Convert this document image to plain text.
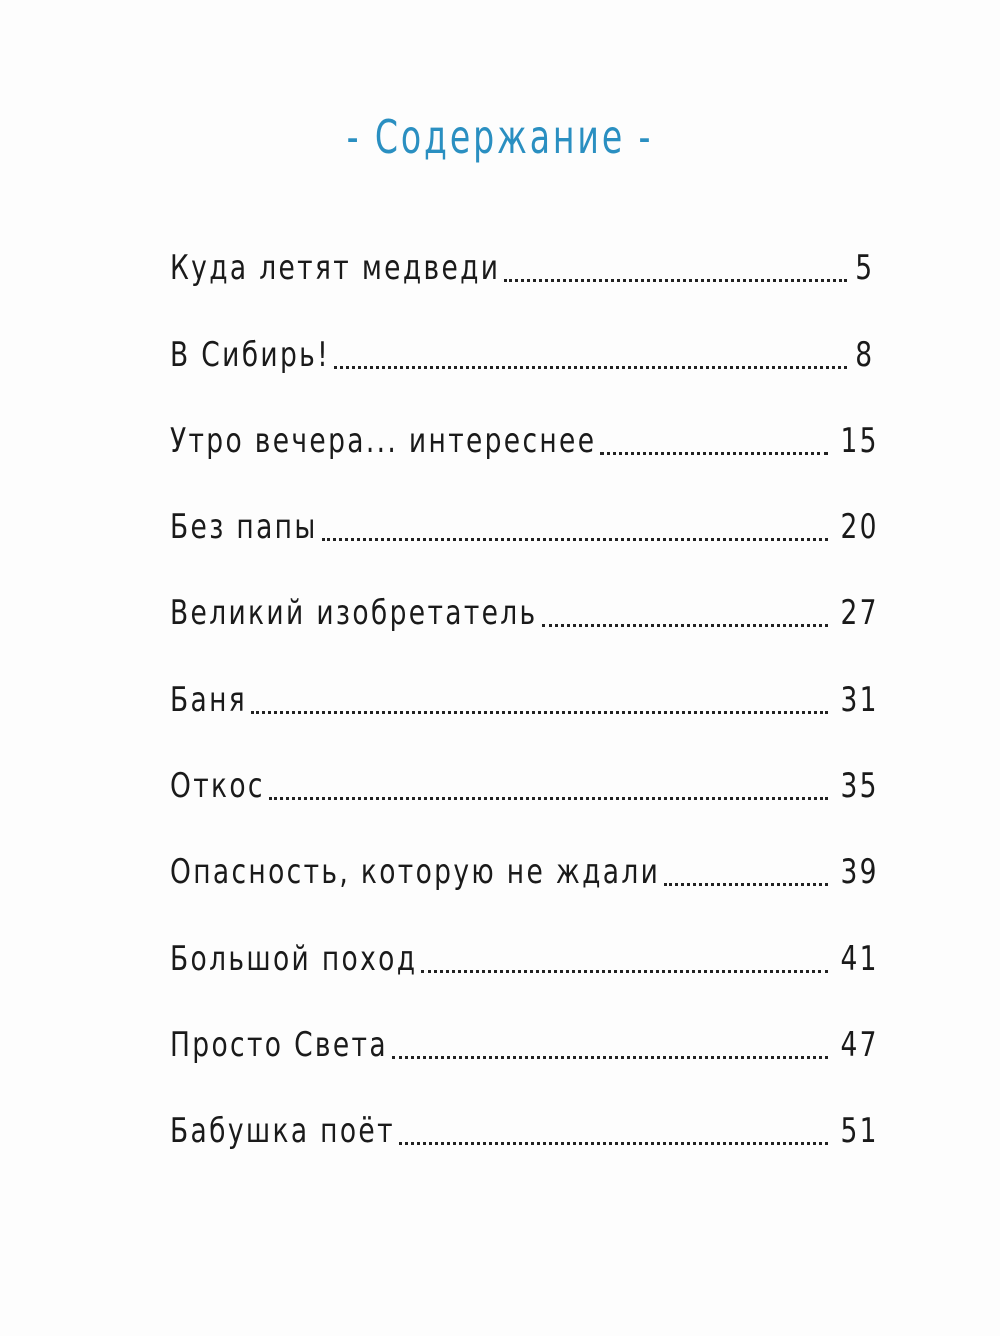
- Содержание -
Куда летят медведи	5
В Сибирь!	8
Утро вечера... интереснее	15
Без папы	20
Великий изобретатель	27
Баня	31
Откос	35
Опасность, которую не ждали	39
Большой поход	41
Просто Света	47
Бабушка поёт	51
